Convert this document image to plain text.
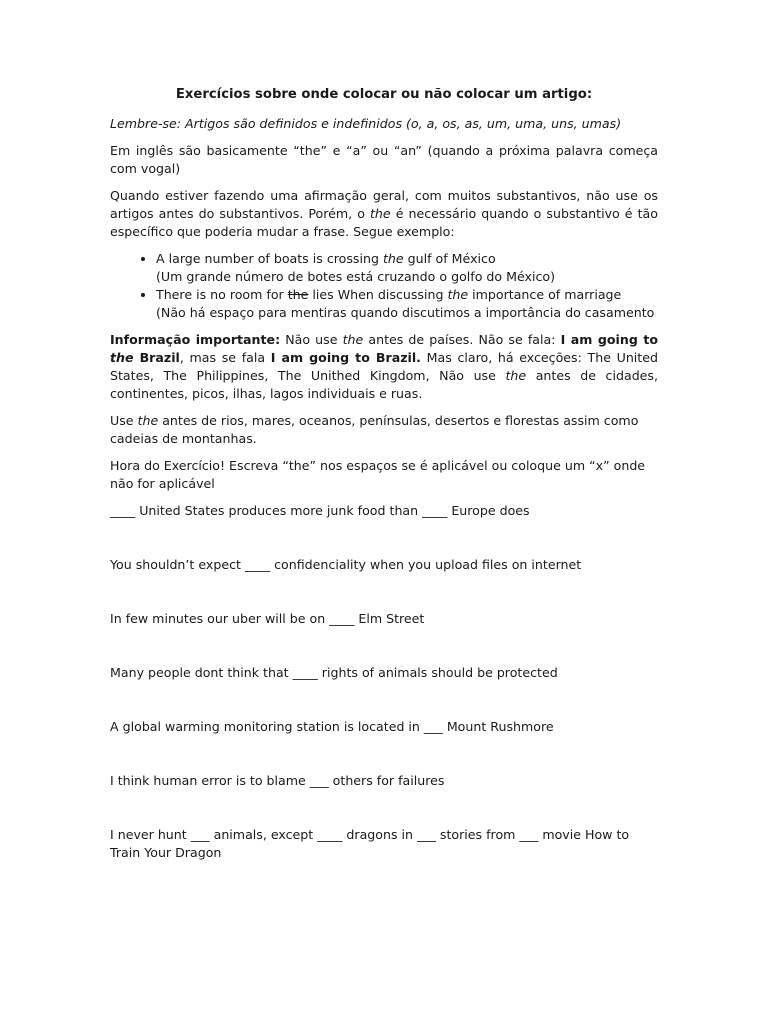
Exercícios sobre onde colocar ou não colocar um artigo:

Lembre-se: Artigos são definidos e indefinidos (o, a, os, as, um, uma, uns, umas)

Em inglês são basicamente “the” e “a” ou “an” (quando a próxima palavra começa com vogal)

Quando estiver fazendo uma afirmação geral, com muitos substantivos, não use os artigos antes do substantivos. Porém, o the é necessário quando o substantivo é tão específico que poderia mudar a frase. Segue exemplo:

• A large number of boats is crossing the gulf of México
(Um grande número de botes está cruzando o golfo do México)
• There is no room for the lies When discussing the importance of marriage
(Não há espaço para mentiras quando discutimos a importância do casamento

Informação importante: Não use the antes de países. Não se fala: I am going to the Brazil, mas se fala I am going to Brazil. Mas claro, há exceções: The United States, The Philippines, The Unithed Kingdom, Não use the antes de cidades, continentes, picos, ilhas, lagos individuais e ruas.

Use the antes de rios, mares, oceanos, penínsulas, desertos e florestas assim como cadeias de montanhas.

Hora do Exercício! Escreva “the” nos espaços se é aplicável ou coloque um “x” onde não for aplicável

____ United States produces more junk food than ____ Europe does

You shouldn’t expect ____ confidenciality when you upload files on internet

In few minutes our uber will be on ____ Elm Street

Many people dont think that ____ rights of animals should be protected

A global warming monitoring station is located in ___ Mount Rushmore

I think human error is to blame ___ others for failures

I never hunt ___ animals, except ____ dragons in ___ stories from ___ movie How to Train Your Dragon
